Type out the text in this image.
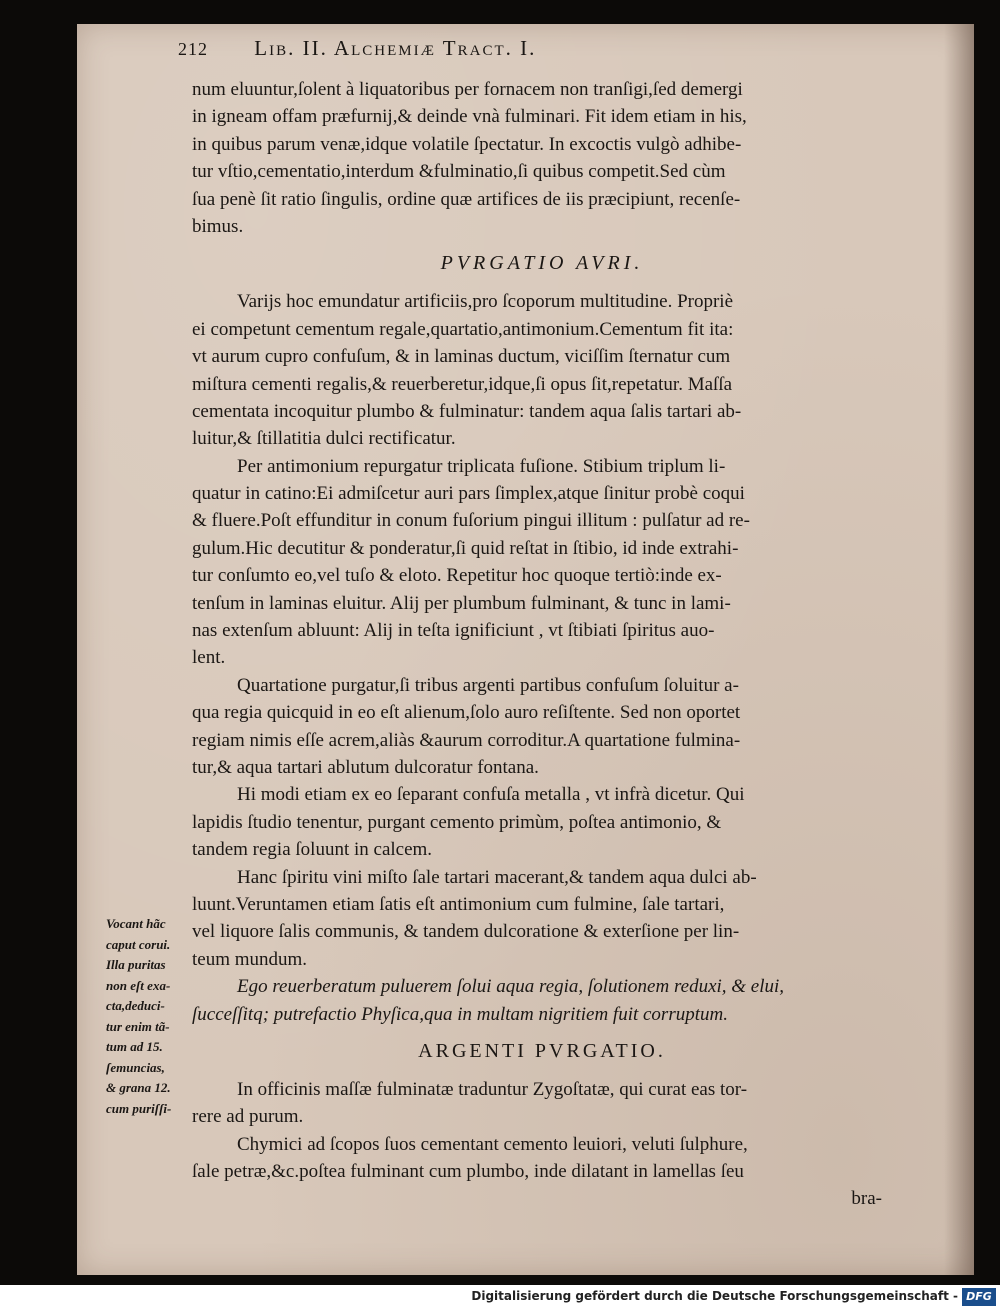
212 Lib. II. Alchemiæ Tract. I.
num eluuntur,ſolent à liquatoribus per fornacem non tranſigi,ſed demergi
in igneam offam præfurnij,& deinde vnà fulminari. Fit idem etiam in his,
in quibus parum venæ,idque volatile ſpectatur. In excoctis vulgò adhibe-
tur vſtio,cementatio,interdum &fulminatio,ſi quibus competit.Sed cùm
ſua penè ſit ratio ſingulis, ordine quæ artifices de iis præcipiunt, recenſe-
bimus.
PVRGATIO AVRI.
Varijs hoc emundatur artificiis,pro ſcoporum multitudine. Propriè
ei competunt cementum regale,quartatio,antimonium.Cementum fit ita:
vt aurum cupro confuſum, & in laminas ductum, viciſſim ſternatur cum
miſtura cementi regalis,& reuerberetur,idque,ſi opus ſit,repetatur. Maſſa
cementata incoquitur plumbo & fulminatur: tandem aqua ſalis tartari ab-
luitur,& ſtillatitia dulci rectificatur.
Per antimonium repurgatur triplicata fuſione. Stibium triplum li-
quatur in catino:Ei admiſcetur auri pars ſimplex,atque ſinitur probè coqui
& fluere.Poſt effunditur in conum fuſorium pingui illitum : pulſatur ad re-
gulum.Hic decutitur & ponderatur,ſi quid reſtat in ſtibio, id inde extrahi-
tur conſumto eo,vel tuſo & eloto. Repetitur hoc quoque tertiò:inde ex-
tenſum in laminas eluitur. Alij per plumbum fulminant, & tunc in lami-
nas extenſum abluunt: Alij in teſta ignificiunt , vt ſtibiati ſpiritus auo-
lent.
Quartatione purgatur,ſi tribus argenti partibus confuſum ſoluitur a-
qua regia quicquid in eo eſt alienum,ſolo auro reſiſtente. Sed non oportet
regiam nimis eſſe acrem,aliàs &aurum corroditur.A quartatione fulmina-
tur,& aqua tartari ablutum dulcoratur fontana.
Hi modi etiam ex eo ſeparant confuſa metalla , vt infrà dicetur. Qui
lapidis ſtudio tenentur, purgant cemento primùm, poſtea antimonio, &
tandem regia ſoluunt in calcem.
Hanc ſpiritu vini miſto ſale tartari macerant,& tandem aqua dulci ab-
luunt.Veruntamen etiam ſatis eſt antimonium cum fulmine, ſale tartari,
vel liquore ſalis communis, & tandem dulcoratione & exterſione per lin-
teum mundum.
Ego reuerberatum puluerem ſolui aqua regia, ſolutionem reduxi, & elui,
ſucceſſitq; putrefactio Phyſica,qua in multam nigritiem fuit corruptum.
ARGENTI PVRGATIO.
In officinis maſſæ fulminatæ traduntur Zygoſtatæ, qui curat eas tor-
rere ad purum.
Chymici ad ſcopos ſuos cementant cemento leuiori, veluti ſulphure,
ſale petræ,&c.poſtea fulminant cum plumbo, inde dilatant in lamellas ſeu
bra-
Vocant hãc
caput corui.
Illa puritas
non eſt exa-
cta,deduci-
tur enim tã-
tum ad 15.
ſemuncias,
& grana 12.
cum puriſſi-
Digitalisierung gefördert durch die Deutsche Forschungsgemeinschaft - DFG
